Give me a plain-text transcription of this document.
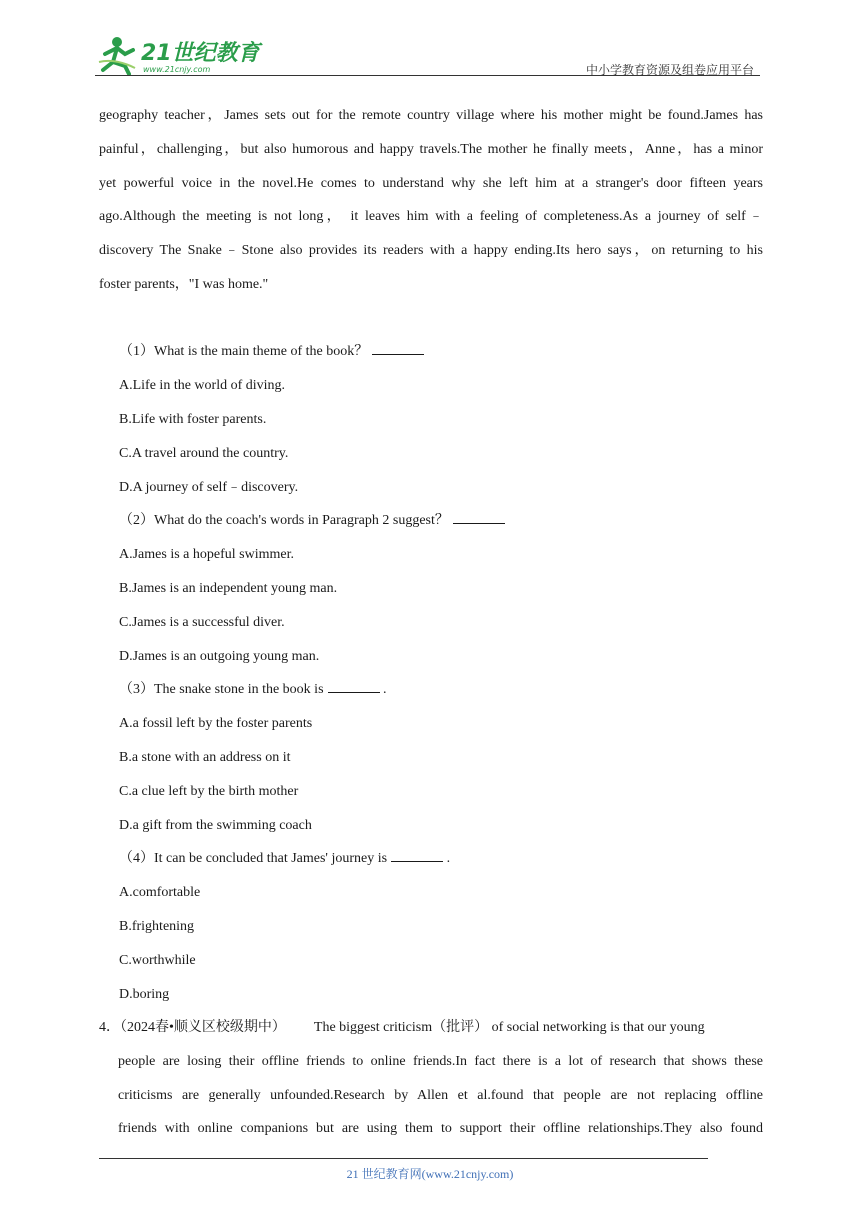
21世纪教育
www.21cnjy.com	中小学教育资源及组卷应用平台
geography teacher，James sets out for the remote country village where his mother might be found.James has
painful，challenging，but also humorous and happy travels.The mother he finally meets，Anne，has a minor
yet powerful voice in the novel.He comes to understand why she left him at a stranger's door fifteen years
ago.Although the meeting is not long， it leaves him with a feeling of completeness.As a journey of self﹣
discovery The Snake﹣Stone also provides its readers with a happy ending.Its hero says，on returning to his
foster parents，"I was home."
（1）What is the main theme of the book？
A.Life in the world of diving.
B.Life with foster parents.
C.A travel around the country.
D.A journey of self﹣discovery.
（2）What do the coach's words in Paragraph 2 suggest？
A.James is a hopeful swimmer.
B.James is an independent young man.
C.James is a successful diver.
D.James is an outgoing young man.
（3）The snake stone in the book is	.
A.a fossil left by the foster parents
B.a stone with an address on it
C.a clue left by the birth mother
D.a gift from the swimming coach
（4）It can be concluded that James' journey is	.
A.comfortable
B.frightening
C.worthwhile
D.boring
4．（2024春•顺义区校级期中） The biggest criticism（批评） of social networking is that our young
people are losing their offline friends to online friends.In fact there is a lot of research that shows these
criticisms are generally unfounded.Research by Allen et al.found that people are not replacing offline
friends with online companions but are using them to support their offline relationships.They also found
21 世纪教育网(www.21cnjy.com)
